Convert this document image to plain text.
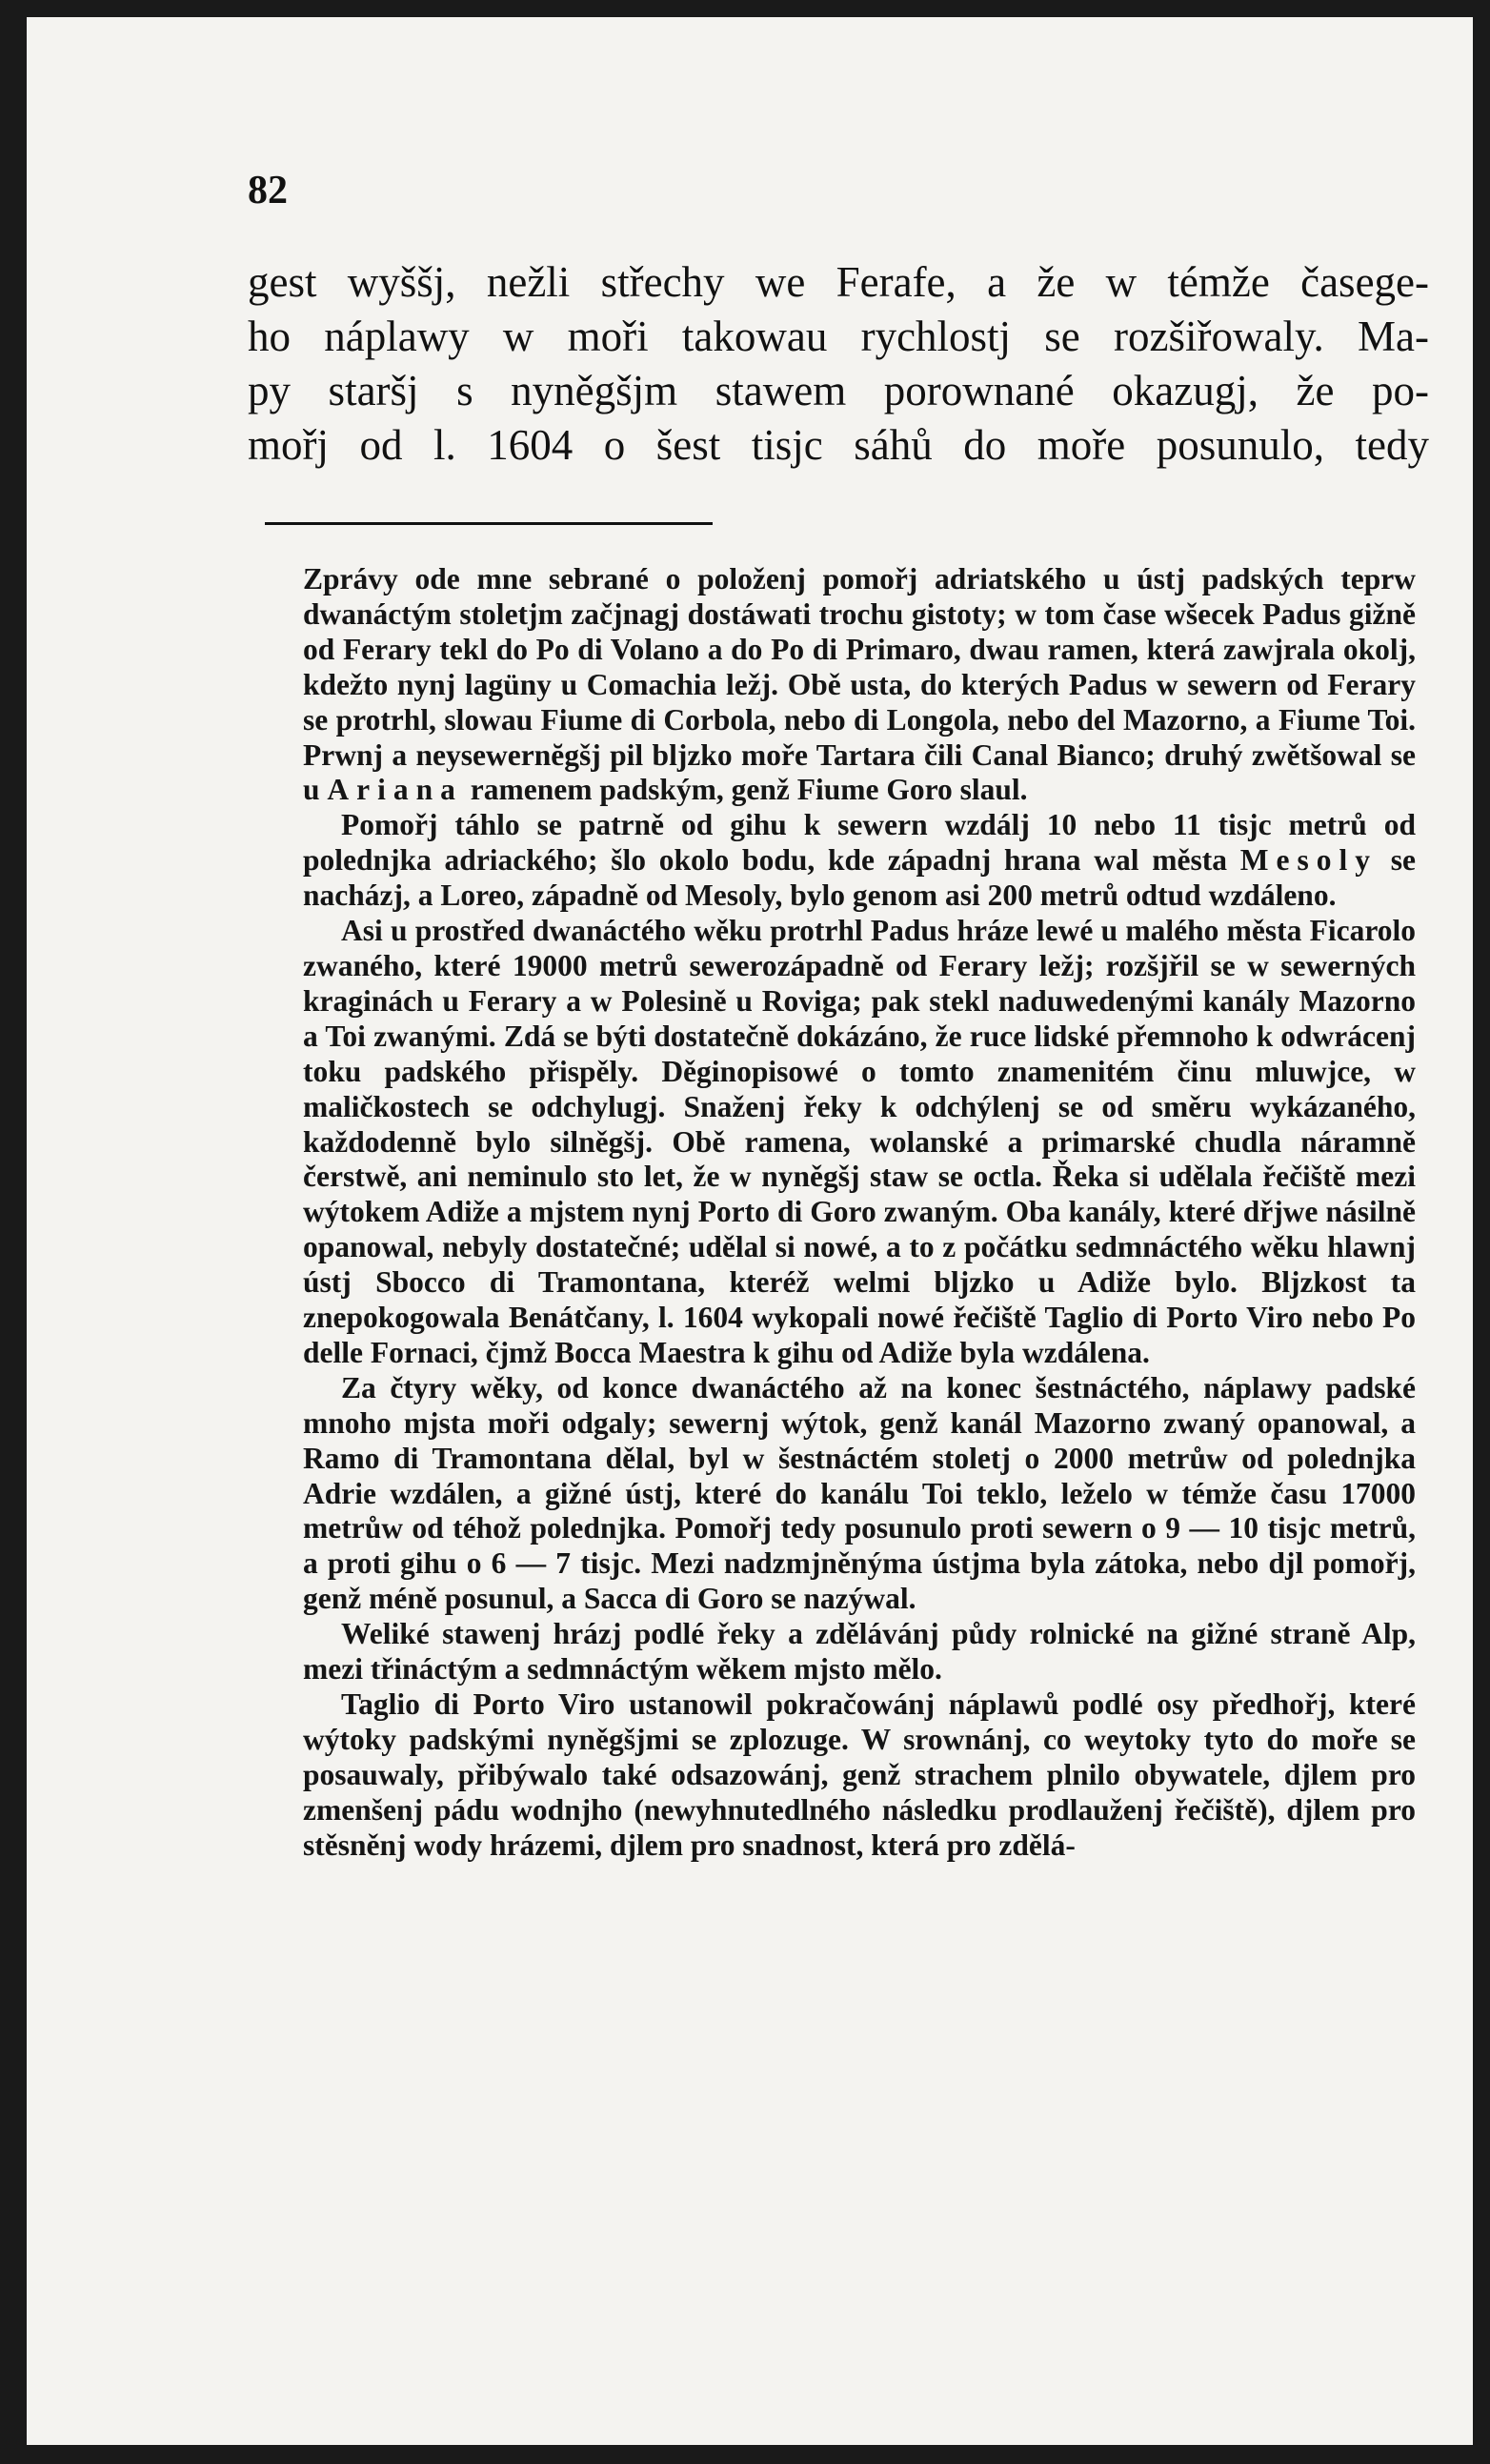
82

gest wyššj, nežli střechy we Ferafe, a že w témže časege-
ho náplawy w moři takowau rychlostj se rozšiřowaly. Ma-
py staršj s nyněgšjm stawem porownané okazugj, že po-
mořj od l. 1604 o šest tisjc sáhů do moře posunulo, tedy

Zprávy ode mne sebrané o položenj pomořj adriatského u ústj padských teprw dwanáctým stoletjm začjnagj dostáwati trochu gistoty; w tom čase wšecek Padus gižně od Ferary tekl do Po di Volano a do Po di Primaro, dwau ramen, která zawjrala okolj, kdežto nynj lagüny u Comachia ležj. Obě usta, do kterých Padus w sewern od Ferary se protrhl, slowau Fiume di Corbola, nebo di Longola, nebo del Mazorno, a Fiume Toi. Prwnj a neysewernĕgšj pil bljzko moře Tartara čili Canal Bianco; druhý zwětšowal se u Ariana ramenem padským, genž Fiume Goro slaul.

Pomořj táhlo se patrně od gihu k sewern wzdálj 10 nebo 11 tisjc metrů od polednjka adriackého; šlo okolo bodu, kde západnj hrana wal města Mesoly se nacházj, a Loreo, západně od Mesoly, bylo genom asi 200 metrů odtud wzdáleno.

Asi u prostřed dwanáctého wěku protrhl Padus hráze lewé u malého města Ficarolo zwaného, které 19000 metrů sewerozápadně od Ferary ležj; rozšjřil se w sewerných kraginách u Ferary a w Polesině u Roviga; pak stekl naduwedenými kanály Mazorno a Toi zwanými. Zdá se býti dostatečně dokázáno, že ruce lidské přemnoho k odwrácenj toku padského přispěly. Děginopisowé o tomto znamenitém činu mluwjce, w maličkostech se odchylugj. Snaženj řeky k odchýlenj se od směru wykázaného, každodenně bylo silněgšj. Obě ramena, wolanské a primarské chudla náramně čerstwě, ani neminulo sto let, že w nyněgšj staw se octla. Řeka si udělala řečiště mezi wýtokem Adiže a mjstem nynj Porto di Goro zwaným. Oba kanály, které dřjwe násilně opanowal, nebyly dostatečné; udělal si nowé, a to z počátku sedmnáctého wěku hlawnj ústj Sbocco di Tramontana, kteréž welmi bljzko u Adiže bylo. Bljzkost ta znepokogowala Benátčany, l. 1604 wykopali nowé řečiště Taglio di Porto Viro nebo Po delle Fornaci, čjmž Bocca Maestra k gihu od Adiže byla wzdálena.

Za čtyry wěky, od konce dwanáctého až na konec šestnáctého, náplawy padské mnoho mjsta moři odgaly; sewernj wýtok, genž kanál Mazorno zwaný opanowal, a Ramo di Tramontana dělal, byl w šestnáctém stoletj o 2000 metrůw od polednjka Adrie wzdálen, a gižné ústj, které do kanálu Toi teklo, leželo w témže času 17000 metrůw od téhož polednjka. Pomořj tedy posunulo proti sewern o 9 — 10 tisjc metrů, a proti gihu o 6 — 7 tisjc. Mezi nadzmjněnýma ústjma byla zátoka, nebo djl pomořj, genž méně posunul, a Sacca di Goro se nazýwal.

Weliké stawenj hrázj podlé řeky a zdělávánj půdy rolnické na gižné straně Alp, mezi třináctým a sedmnáctým wěkem mjsto mělo.

Taglio di Porto Viro ustanowil pokračowánj náplawů podlé osy předhořj, které wýtoky padskými nyněgšjmi se zplozuge. W srownánj, co weytoky tyto do moře se posauwaly, přibýwalo také odsazowánj, genž strachem plnilo obywatele, djlem pro zmenšenj pádu wodnjho (newyhnutedlného následku prodlauženj řečiště), djlem pro stěsněnj wody hrázemi, djlem pro snadnost, která pro zdělá-
